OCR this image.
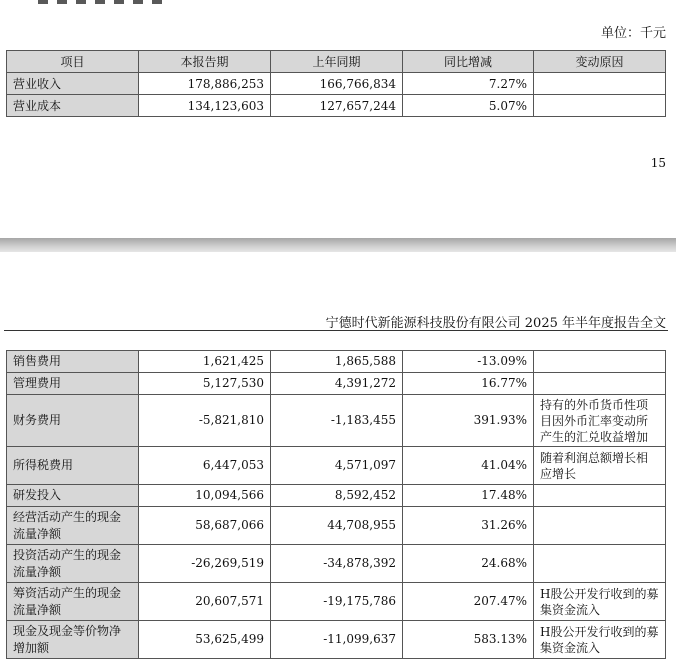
单位：千元
项目	本报告期	上年同期	同比增减	变动原因
营业收入	178,886,253	166,766,834	7.27%	
营业成本	134,123,603	127,657,244	5.07%	
15
宁德时代新能源科技股份有限公司 2025 年半年度报告全文
销售费用	1,621,425	1,865,588	-13.09%	
管理费用	5,127,530	4,391,272	16.77%	
财务费用	-5,821,810	-1,183,455	391.93%	持有的外币货币性项目因外币汇率变动所产生的汇兑收益增加
所得税费用	6,447,053	4,571,097	41.04%	随着利润总额增长相应增长
研发投入	10,094,566	8,592,452	17.48%	
经营活动产生的现金流量净额	58,687,066	44,708,955	31.26%	
投资活动产生的现金流量净额	-26,269,519	-34,878,392	24.68%	
筹资活动产生的现金流量净额	20,607,571	-19,175,786	207.47%	H股公开发行收到的募集资金流入
现金及现金等价物净增加额	53,625,499	-11,099,637	583.13%	H股公开发行收到的募集资金流入
